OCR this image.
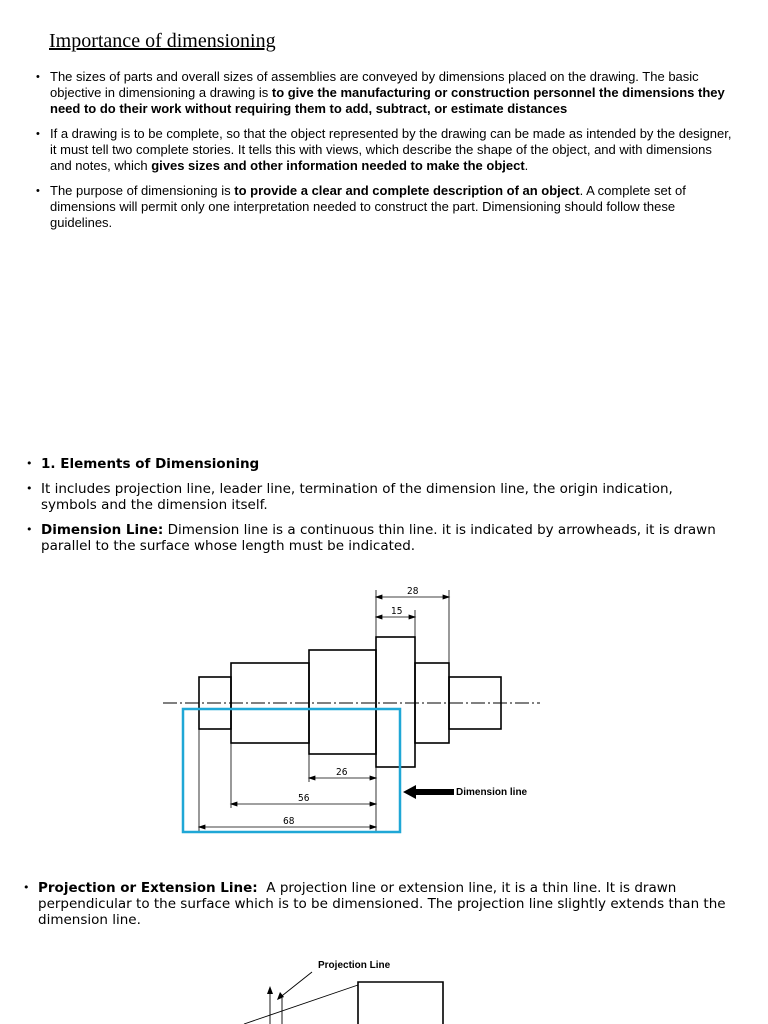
Importance of dimensioning
• The sizes of parts and overall sizes of assemblies are conveyed by dimensions placed on the drawing. The basic objective in dimensioning a drawing is to give the manufacturing or construction personnel the dimensions they need to do their work without requiring them to add, subtract, or estimate distances
• If a drawing is to be complete, so that the object represented by the drawing can be made as intended by the designer, it must tell two complete stories. It tells this with views, which describe the shape of the object, and with dimensions and notes, which gives sizes and other information needed to make the object.
• The purpose of dimensioning is to provide a clear and complete description of an object. A complete set of dimensions will permit only one interpretation needed to construct the part. Dimensioning should follow these guidelines.
• 1. Elements of Dimensioning
• It includes projection line, leader line, termination of the dimension line, the origin indication, symbols and the dimension itself.
• Dimension Line: Dimension line is a continuous thin line. it is indicated by arrowheads, it is drawn parallel to the surface whose length must be indicated.
28
15
26
56
68
Dimension line
Projection Line
• Projection or Extension Line:  A projection line or extension line, it is a thin line. It is drawn perpendicular to the surface which is to be dimensioned. The projection line slightly extends than the dimension line.
